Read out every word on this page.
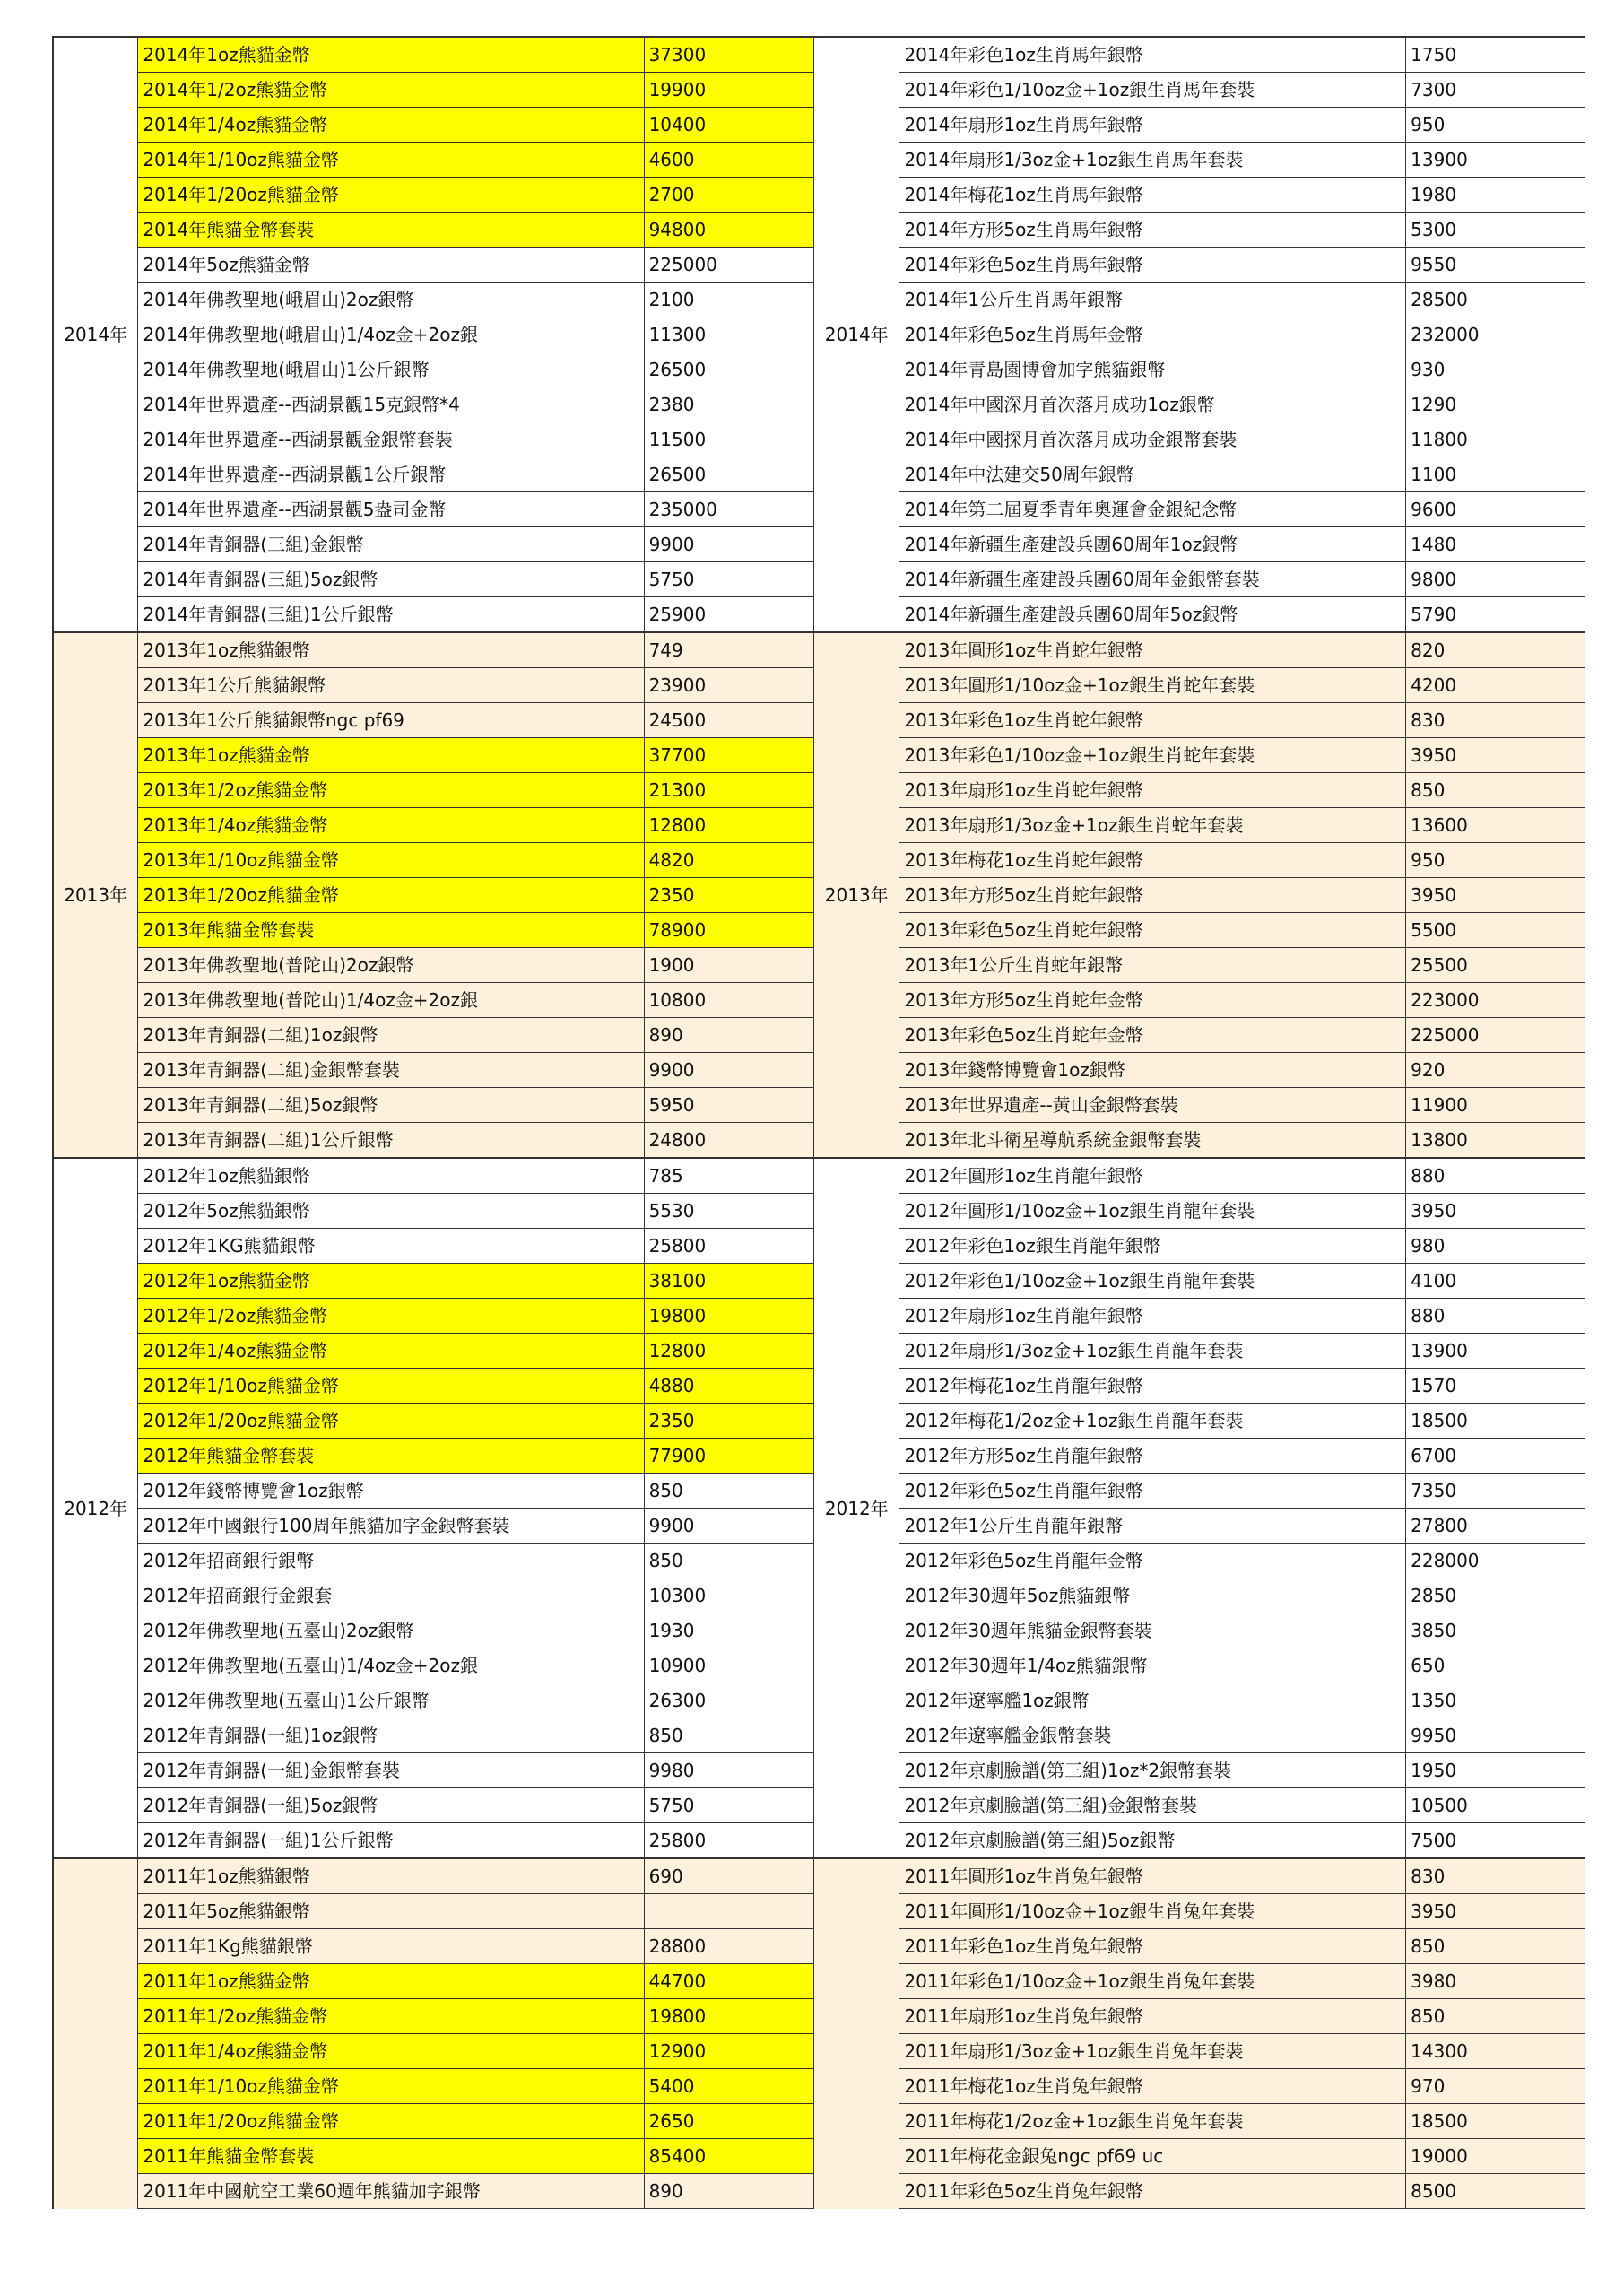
2014年	2014年1oz熊貓金幣	37300
	2014年1/2oz熊貓金幣	19900
	2014年1/4oz熊貓金幣	10400
	2014年1/10oz熊貓金幣	4600
	2014年1/20oz熊貓金幣	2700
	2014年熊貓金幣套裝	94800
	2014年5oz熊貓金幣	225000
	2014年佛教聖地(峨眉山)2oz銀幣	2100
	2014年佛教聖地(峨眉山)1/4oz金+2oz銀	11300
	2014年佛教聖地(峨眉山)1公斤銀幣	26500
	2014年世界遺產--西湖景觀15克銀幣*4	2380
	2014年世界遺產--西湖景觀金銀幣套裝	11500
	2014年世界遺產--西湖景觀1公斤銀幣	26500
	2014年世界遺產--西湖景觀5盎司金幣	235000
	2014年青銅器(三組)金銀幣	9900
	2014年青銅器(三組)5oz銀幣	5750
	2014年青銅器(三組)1公斤銀幣	25900
2013年	2013年1oz熊貓銀幣	749
	2013年1公斤熊貓銀幣	23900
	2013年1公斤熊貓銀幣ngc pf69	24500
	2013年1oz熊貓金幣	37700
	2013年1/2oz熊貓金幣	21300
	2013年1/4oz熊貓金幣	12800
	2013年1/10oz熊貓金幣	4820
	2013年1/20oz熊貓金幣	2350
	2013年熊貓金幣套裝	78900
	2013年佛教聖地(普陀山)2oz銀幣	1900
	2013年佛教聖地(普陀山)1/4oz金+2oz銀	10800
	2013年青銅器(二組)1oz銀幣	890
	2013年青銅器(二組)金銀幣套裝	9900
	2013年青銅器(二組)5oz銀幣	5950
	2013年青銅器(二組)1公斤銀幣	24800
2012年	2012年1oz熊貓銀幣	785
	2012年5oz熊貓銀幣	5530
	2012年1KG熊貓銀幣	25800
	2012年1oz熊貓金幣	38100
	2012年1/2oz熊貓金幣	19800
	2012年1/4oz熊貓金幣	12800
	2012年1/10oz熊貓金幣	4880
	2012年1/20oz熊貓金幣	2350
	2012年熊貓金幣套裝	77900
	2012年錢幣博覽會1oz銀幣	850
	2012年中國銀行100周年熊貓加字金銀幣套裝	9900
	2012年招商銀行銀幣	850
	2012年招商銀行金銀套	10300
	2012年佛教聖地(五臺山)2oz銀幣	1930
	2012年佛教聖地(五臺山)1/4oz金+2oz銀	10900
	2012年佛教聖地(五臺山)1公斤銀幣	26300
	2012年青銅器(一組)1oz銀幣	850
	2012年青銅器(一組)金銀幣套裝	9980
	2012年青銅器(一組)5oz銀幣	5750
	2012年青銅器(一組)1公斤銀幣	25800
	2011年1oz熊貓銀幣	690
	2011年5oz熊貓銀幣	
	2011年1Kg熊貓銀幣	28800
	2011年1oz熊貓金幣	44700
	2011年1/2oz熊貓金幣	19800
	2011年1/4oz熊貓金幣	12900
	2011年1/10oz熊貓金幣	5400
	2011年1/20oz熊貓金幣	2650
	2011年熊貓金幣套裝	85400
	2011年中國航空工業60週年熊貓加字銀幣	890
2014年	2014年彩色1oz生肖馬年銀幣	1750
	2014年彩色1/10oz金+1oz銀生肖馬年套裝	7300
	2014年扇形1oz生肖馬年銀幣	950
	2014年扇形1/3oz金+1oz銀生肖馬年套裝	13900
	2014年梅花1oz生肖馬年銀幣	1980
	2014年方形5oz生肖馬年銀幣	5300
	2014年彩色5oz生肖馬年銀幣	9550
	2014年1公斤生肖馬年銀幣	28500
	2014年彩色5oz生肖馬年金幣	232000
	2014年青島園博會加字熊貓銀幣	930
	2014年中國深月首次落月成功1oz銀幣	1290
	2014年中國探月首次落月成功金銀幣套裝	11800
	2014年中法建交50周年銀幣	1100
	2014年第二屆夏季青年奧運會金銀紀念幣	9600
	2014年新疆生產建設兵團60周年1oz銀幣	1480
	2014年新疆生產建設兵團60周年金銀幣套裝	9800
	2014年新疆生產建設兵團60周年5oz銀幣	5790
2013年	2013年圓形1oz生肖蛇年銀幣	820
	2013年圓形1/10oz金+1oz銀生肖蛇年套裝	4200
	2013年彩色1oz生肖蛇年銀幣	830
	2013年彩色1/10oz金+1oz銀生肖蛇年套裝	3950
	2013年扇形1oz生肖蛇年銀幣	850
	2013年扇形1/3oz金+1oz銀生肖蛇年套裝	13600
	2013年梅花1oz生肖蛇年銀幣	950
	2013年方形5oz生肖蛇年銀幣	3950
	2013年彩色5oz生肖蛇年銀幣	5500
	2013年1公斤生肖蛇年銀幣	25500
	2013年方形5oz生肖蛇年金幣	223000
	2013年彩色5oz生肖蛇年金幣	225000
	2013年錢幣博覽會1oz銀幣	920
	2013年世界遺產--黃山金銀幣套裝	11900
	2013年北斗衛星導航系統金銀幣套裝	13800
2012年	2012年圓形1oz生肖龍年銀幣	880
	2012年圓形1/10oz金+1oz銀生肖龍年套裝	3950
	2012年彩色1oz銀生肖龍年銀幣	980
	2012年彩色1/10oz金+1oz銀生肖龍年套裝	4100
	2012年扇形1oz生肖龍年銀幣	880
	2012年扇形1/3oz金+1oz銀生肖龍年套裝	13900
	2012年梅花1oz生肖龍年銀幣	1570
	2012年梅花1/2oz金+1oz銀生肖龍年套裝	18500
	2012年方形5oz生肖龍年銀幣	6700
	2012年彩色5oz生肖龍年銀幣	7350
	2012年1公斤生肖龍年銀幣	27800
	2012年彩色5oz生肖龍年金幣	228000
	2012年30週年5oz熊貓銀幣	2850
	2012年30週年熊貓金銀幣套裝	3850
	2012年30週年1/4oz熊貓銀幣	650
	2012年遼寧艦1oz銀幣	1350
	2012年遼寧艦金銀幣套裝	9950
	2012年京劇臉譜(第三組)1oz*2銀幣套裝	1950
	2012年京劇臉譜(第三組)金銀幣套裝	10500
	2012年京劇臉譜(第三組)5oz銀幣	7500
	2011年圓形1oz生肖兔年銀幣	830
	2011年圓形1/10oz金+1oz銀生肖兔年套裝	3950
	2011年彩色1oz生肖兔年銀幣	850
	2011年彩色1/10oz金+1oz銀生肖兔年套裝	3980
	2011年扇形1oz生肖兔年銀幣	850
	2011年扇形1/3oz金+1oz銀生肖兔年套裝	14300
	2011年梅花1oz生肖兔年銀幣	970
	2011年梅花1/2oz金+1oz銀生肖兔年套裝	18500
	2011年梅花金銀兔ngc pf69 uc	19000
	2011年彩色5oz生肖兔年銀幣	8500
